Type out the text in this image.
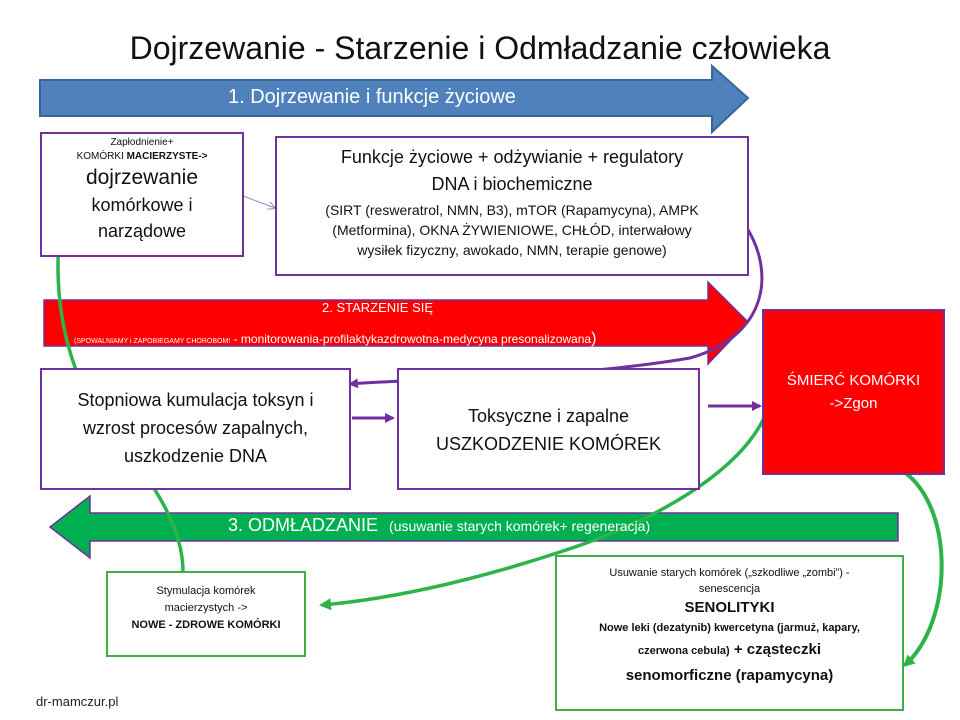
Dojrzewanie - Starzenie i Odmładzanie człowieka
1. Dojrzewanie i funkcje życiowe
2. STARZENIE SIĘ
(SPOWALNIAMY i ZAPOBIEGAMY CHOROBOM! - monitorowania-profilaktykazdrowotna-medycyna presonalizowana)
3. ODMŁADZANIE (usuwanie starych komórek+ regeneracja)
Zapłodnienie+
KOMÓRKI MACIERZYSTE->
dojrzewanie
komórkowe i
narządowe
Funkcje życiowe + odżywianie + regulatory
DNA i biochemiczne
(SIRT (resweratrol, NMN, B3), mTOR (Rapamycyna), AMPK
(Metformina), OKNA ŻYWIENIOWE, CHŁÓD, interwałowy
wysiłek fizyczny, awokado, NMN, terapie genowe)
Stopniowa kumulacja toksyn i
wzrost procesów zapalnych,
uszkodzenie DNA
Toksyczne i zapalne
USZKODZENIE KOMÓREK
ŚMIERĆ KOMÓRKI
->Zgon
Stymulacja komórek
macierzystych ->
NOWE - ZDROWE KOMÓRKI
Usuwanie starych komórek („szkodliwe „zombi”) -
senescencja
SENOLITYKI
Nowe leki (dezatynib) kwercetyna (jarmuż, kapary,
czerwona cebula) + cząsteczki
senomorficzne (rapamycyna)
dr-mamczur.pl
